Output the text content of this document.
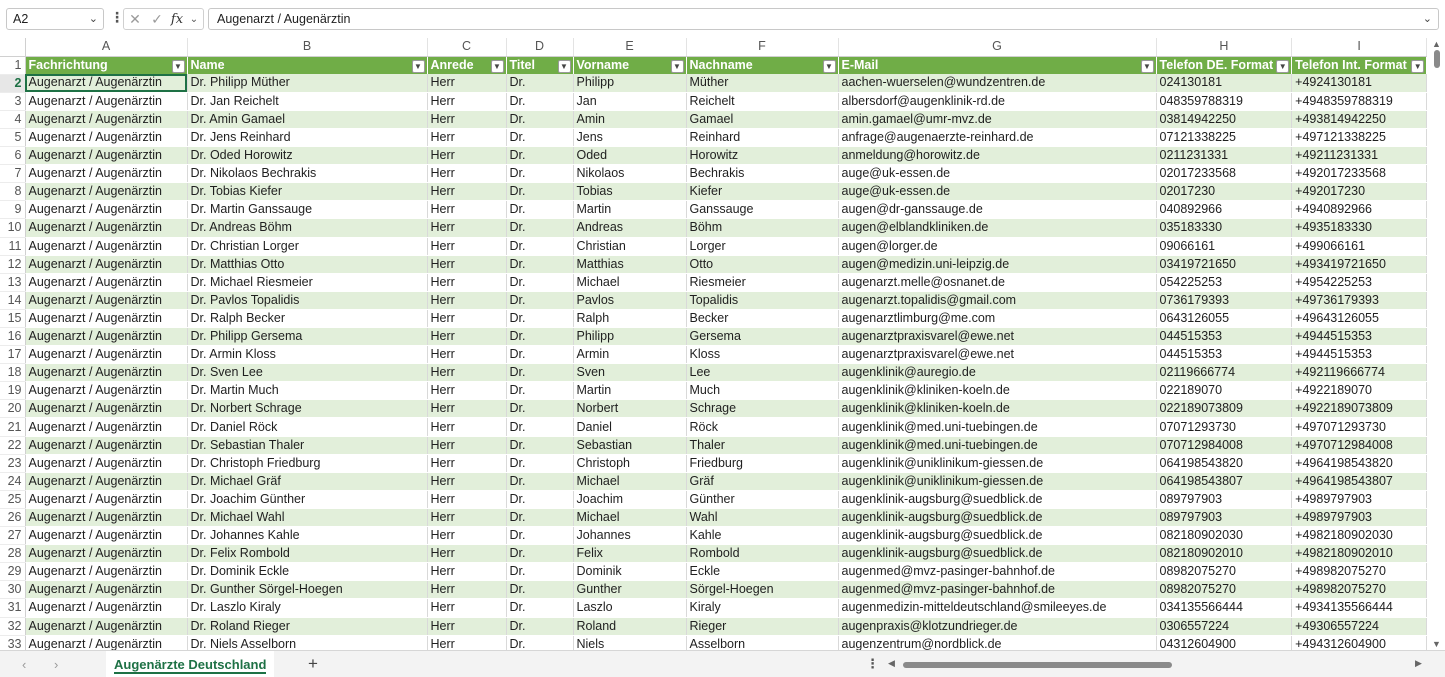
A2	⌄ ⋮ ✕ ✓ fx ⌄	Augenarzt / Augenärztin	⌄
	A	B	C	D	E	F	G	H	I
1	Fachrichtung ▼	Name ▼	Anrede ▼	Titel ▼	Vorname ▼	Nachname ▼	E-Mail ▼	Telefon DE. Format ▼	Telefon Int. Format ▼

2	Augenarzt / Augenärztin	Dr. Philipp Müther	Herr	Dr.	Philipp	Müther	aachen-wuerselen@wundzentren.de	024130181	+4924130181
3	Augenarzt / Augenärztin	Dr. Jan Reichelt	Herr	Dr.	Jan	Reichelt	albersdorf@augenklinik-rd.de	048359788319	+4948359788319
4	Augenarzt / Augenärztin	Dr. Amin Gamael	Herr	Dr.	Amin	Gamael	amin.gamael@umr-mvz.de	03814942250	+493814942250
5	Augenarzt / Augenärztin	Dr. Jens Reinhard	Herr	Dr.	Jens	Reinhard	anfrage@augenaerzte-reinhard.de	07121338225	+497121338225
6	Augenarzt / Augenärztin	Dr. Oded Horowitz	Herr	Dr.	Oded	Horowitz	anmeldung@horowitz.de	0211231331	+49211231331
7	Augenarzt / Augenärztin	Dr. Nikolaos Bechrakis	Herr	Dr.	Nikolaos	Bechrakis	auge@uk-essen.de	02017233568	+492017233568
8	Augenarzt / Augenärztin	Dr. Tobias Kiefer	Herr	Dr.	Tobias	Kiefer	auge@uk-essen.de	02017230	+492017230
9	Augenarzt / Augenärztin	Dr. Martin Ganssauge	Herr	Dr.	Martin	Ganssauge	augen@dr-ganssauge.de	040892966	+4940892966
10	Augenarzt / Augenärztin	Dr. Andreas Böhm	Herr	Dr.	Andreas	Böhm	augen@elblandkliniken.de	035183330	+4935183330
11	Augenarzt / Augenärztin	Dr. Christian Lorger	Herr	Dr.	Christian	Lorger	augen@lorger.de	09066161	+499066161
12	Augenarzt / Augenärztin	Dr. Matthias Otto	Herr	Dr.	Matthias	Otto	augen@medizin.uni-leipzig.de	03419721650	+493419721650
13	Augenarzt / Augenärztin	Dr. Michael Riesmeier	Herr	Dr.	Michael	Riesmeier	augenarzt.melle@osnanet.de	054225253	+4954225253
14	Augenarzt / Augenärztin	Dr. Pavlos Topalidis	Herr	Dr.	Pavlos	Topalidis	augenarzt.topalidis@gmail.com	0736179393	+49736179393
15	Augenarzt / Augenärztin	Dr. Ralph Becker	Herr	Dr.	Ralph	Becker	augenarztlimburg@me.com	0643126055	+49643126055
16	Augenarzt / Augenärztin	Dr. Philipp Gersema	Herr	Dr.	Philipp	Gersema	augenarztpraxisvarel@ewe.net	044515353	+4944515353
17	Augenarzt / Augenärztin	Dr. Armin Kloss	Herr	Dr.	Armin	Kloss	augenarztpraxisvarel@ewe.net	044515353	+4944515353
18	Augenarzt / Augenärztin	Dr. Sven Lee	Herr	Dr.	Sven	Lee	augenklinik@auregio.de	02119666774	+492119666774
19	Augenarzt / Augenärztin	Dr. Martin Much	Herr	Dr.	Martin	Much	augenklinik@kliniken-koeln.de	022189070	+4922189070
20	Augenarzt / Augenärztin	Dr. Norbert Schrage	Herr	Dr.	Norbert	Schrage	augenklinik@kliniken-koeln.de	022189073809	+4922189073809
21	Augenarzt / Augenärztin	Dr. Daniel Röck	Herr	Dr.	Daniel	Röck	augenklinik@med.uni-tuebingen.de	07071293730	+497071293730
22	Augenarzt / Augenärztin	Dr. Sebastian Thaler	Herr	Dr.	Sebastian	Thaler	augenklinik@med.uni-tuebingen.de	070712984008	+4970712984008
23	Augenarzt / Augenärztin	Dr. Christoph Friedburg	Herr	Dr.	Christoph	Friedburg	augenklinik@uniklinikum-giessen.de	064198543820	+4964198543820
24	Augenarzt / Augenärztin	Dr. Michael Gräf	Herr	Dr.	Michael	Gräf	augenklinik@uniklinikum-giessen.de	064198543807	+4964198543807
25	Augenarzt / Augenärztin	Dr. Joachim Günther	Herr	Dr.	Joachim	Günther	augenklinik-augsburg@suedblick.de	089797903	+4989797903
26	Augenarzt / Augenärztin	Dr. Michael Wahl	Herr	Dr.	Michael	Wahl	augenklinik-augsburg@suedblick.de	089797903	+4989797903
27	Augenarzt / Augenärztin	Dr. Johannes Kahle	Herr	Dr.	Johannes	Kahle	augenklinik-augsburg@suedblick.de	082180902030	+4982180902030
28	Augenarzt / Augenärztin	Dr. Felix Rombold	Herr	Dr.	Felix	Rombold	augenklinik-augsburg@suedblick.de	082180902010	+4982180902010
29	Augenarzt / Augenärztin	Dr. Dominik Eckle	Herr	Dr.	Dominik	Eckle	augenmed@mvz-pasinger-bahnhof.de	08982075270	+498982075270
30	Augenarzt / Augenärztin	Dr. Gunther Sörgel-Hoegen	Herr	Dr.	Gunther	Sörgel-Hoegen	augenmed@mvz-pasinger-bahnhof.de	08982075270	+498982075270
31	Augenarzt / Augenärztin	Dr. Laszlo Kiraly	Herr	Dr.	Laszlo	Kiraly	augenmedizin-mitteldeutschland@smileeyes.de	034135566444	+4934135566444
32	Augenarzt / Augenärztin	Dr. Roland Rieger	Herr	Dr.	Roland	Rieger	augenpraxis@klotzundrieger.de	0306557224	+49306557224
33	Augenarzt / Augenärztin	Dr. Niels Asselborn	Herr	Dr.	Niels	Asselborn	augenzentrum@nordblick.de	04312604900	+494312604900
▲
▼
‹ ›	Augenärzte Deutschland +	⋮ ◀	▶
